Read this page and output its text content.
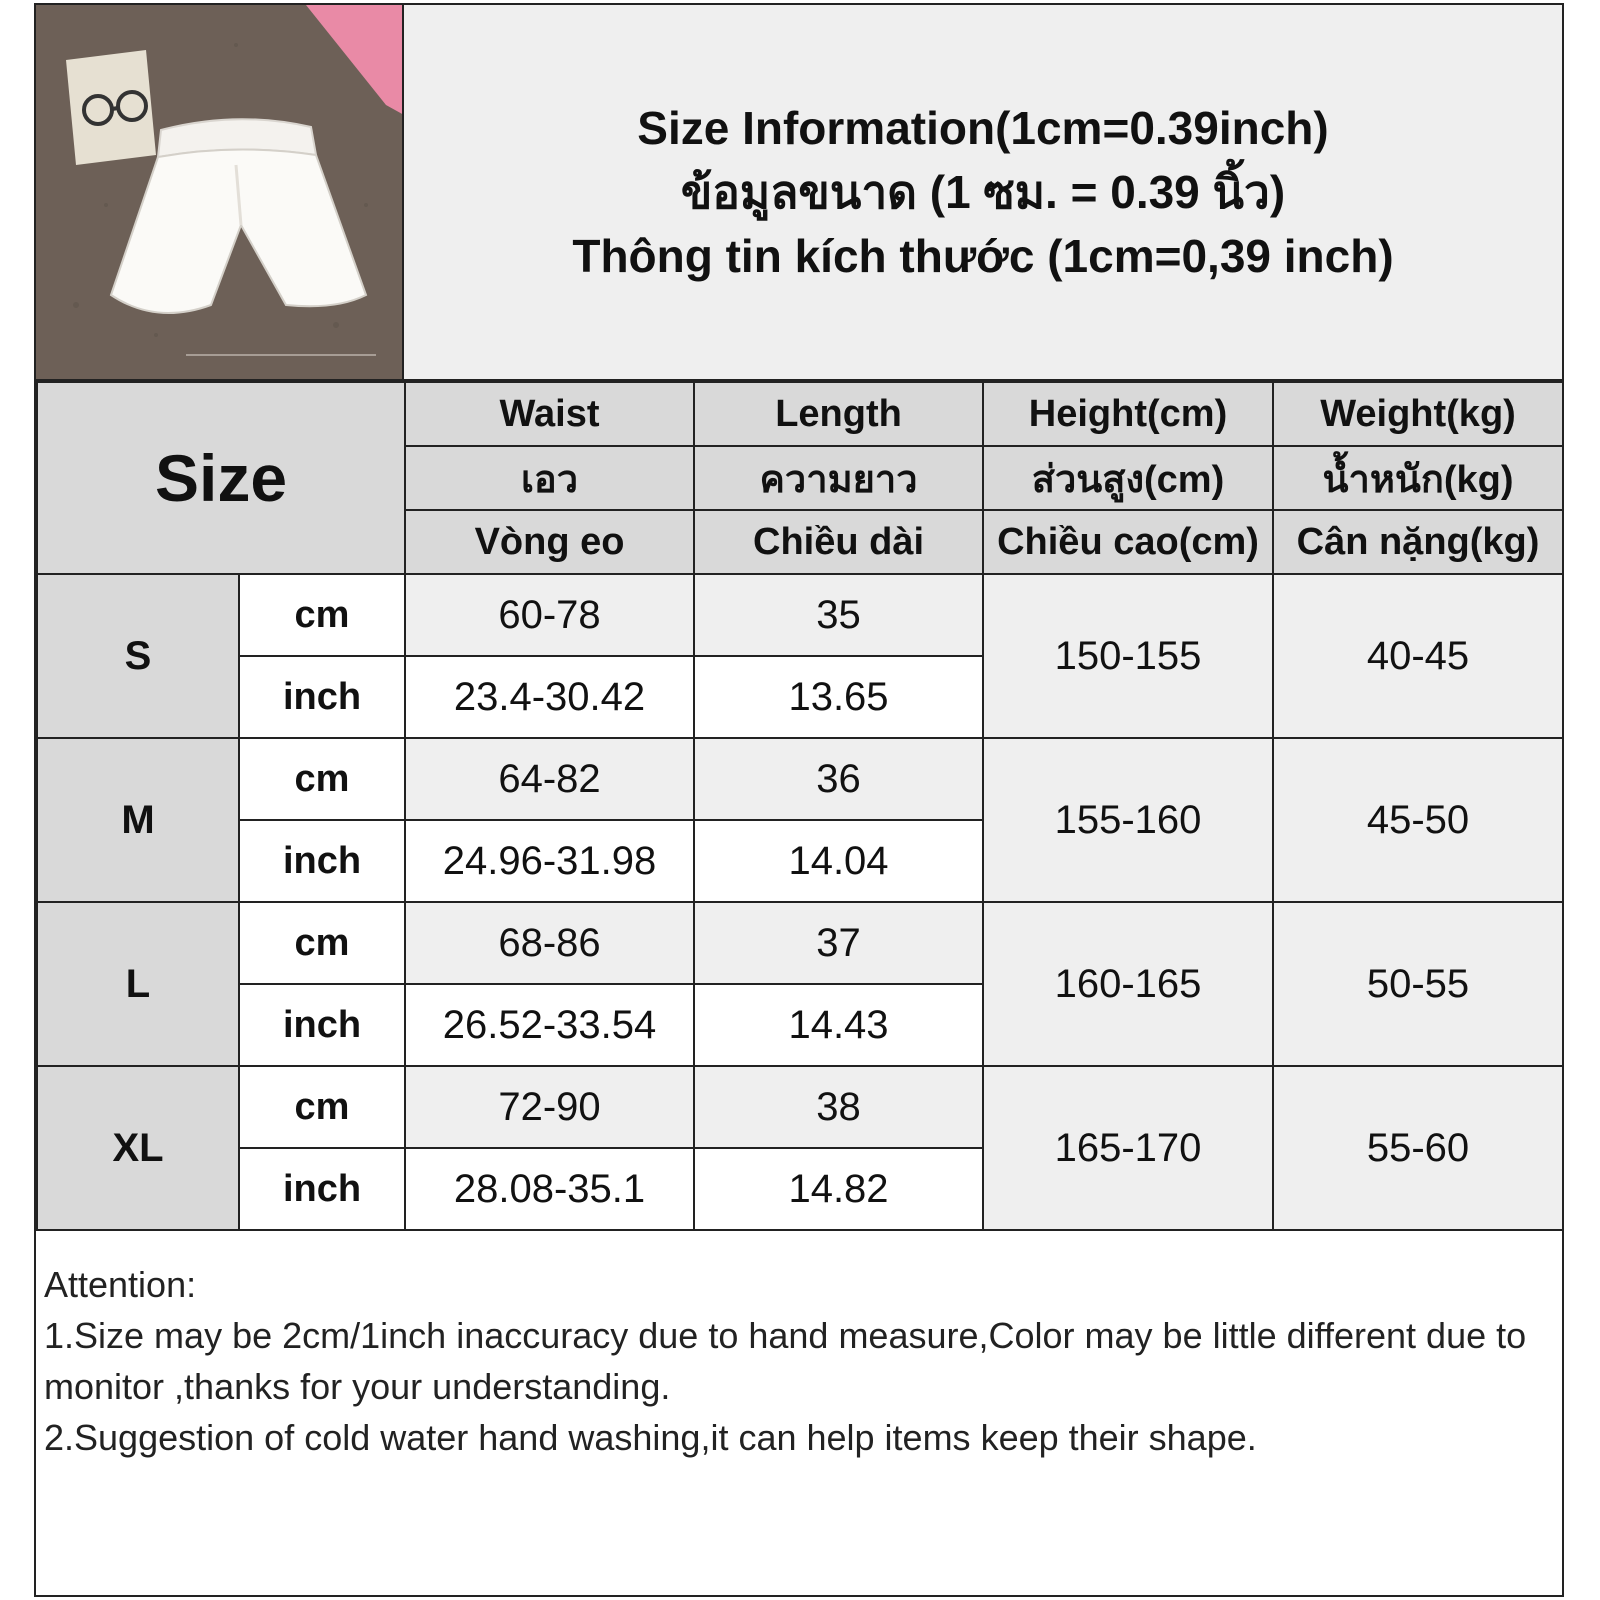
Size Information(1cm=0.39inch)
ข้อมูลขนาด (1 ซม. = 0.39 นิ้ว)
Thông tin kích thước (1cm=0,39 inch)
Size		Waist	Length	Height(cm)	Weight(kg)
		เอว	ความยาว	ส่วนสูง(cm)	น้ำหนัก(kg)
		Vòng eo	Chiều dài	Chiều cao(cm)	Cân nặng(kg)
S	cm	60-78	35	150-155	40-45
	inch	23.4-30.42	13.65		
M	cm	64-82	36	155-160	45-50
	inch	24.96-31.98	14.04		
L	cm	68-86	37	160-165	50-55
	inch	26.52-33.54	14.43		
XL	cm	72-90	38	165-170	55-60
	inch	28.08-35.1	14.82		
Attention:
1.Size may be 2cm/1inch inaccuracy due to hand measure,Color may be little different due to monitor ,thanks for your understanding.
2.Suggestion of cold water hand washing,it can help items keep their shape.
